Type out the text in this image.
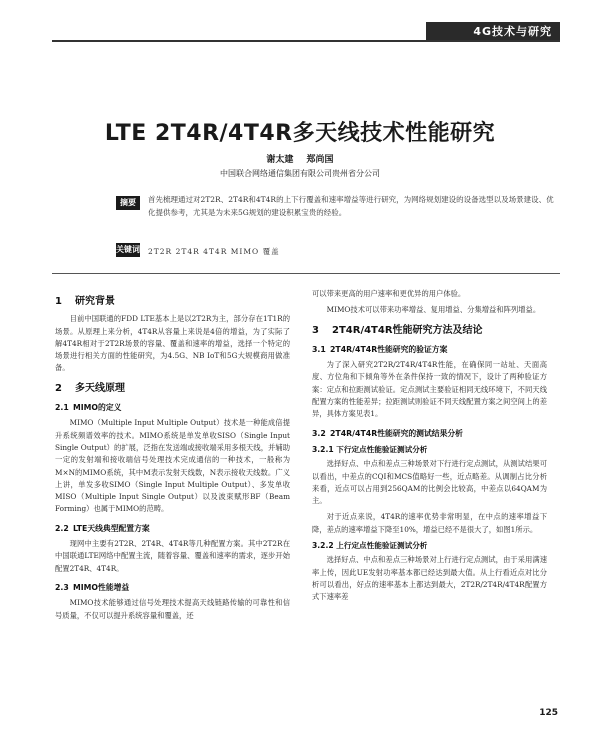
4G技术与研究
LTE 2T4R/4T4R多天线技术性能研究
谢太建 郑尚国
中国联合网络通信集团有限公司贵州省分公司
摘要	首先梳理通过对2T2R、2T4R和4T4R的上下行覆盖和速率增益等进行研究，为网络规划建设的设备选型以及场景建设、优化提供参考，尤其是为未来5G规划的建设积累宝贵的经验。
关键词 2T2R 2T4R 4T4R MIMO 覆盖
1 研究背景

目前中国联通的FDD LTE基本上是以2T2R为主，部分存在1T1R的场景。从原理上来分析，4T4R从容量上来说是4倍的增益，为了实际了解4T4R相对于2T2R场景的容量、覆盖和速率的增益，选择一个特定的场景进行相关方面的性能研究，为4.5G、NB IoT和5G大规模商用做准备。

2 多天线原理
2.1 MIMO的定义

MIMO（Multiple Input Multiple Output）技术是一种能成倍提升系统频谱效率的技术。MIMO系统是单发单收SISO（Single Input Single Output）的扩展，泛指在发送端或接收端采用多根天线，并辅助一定的发射端和接收端信号处理技术完成通信的一种技术，一般称为M×N的MIMO系统，其中M表示发射天线数，N表示接收天线数。广义上讲，单发多收SIMO（Single Input Multiple Output）、多发单收MISO（Multiple Input Single Output）以及波束赋形BF（Beam Forming）也属于MIMO的范畴。

2.2 LTE天线典型配置方案

现网中主要有2T2R、2T4R、4T4R等几种配置方案。其中2T2R在中国联通LTE网络中配置主流，随着容量、覆盖和速率的需求，逐步开始配置2T4R、4T4R。

2.3 MIMO性能增益

MIMO技术能够通过信号处理技术提高天线链路传输的可靠性和信号质量，不仅可以提升系统容量和覆盖，还

可以带来更高的用户速率和更优异的用户体验。

MIMO技术可以带来功率增益、复用增益、分集增益和阵列增益。

3 2T4R/4T4R性能研究方法及结论
3.1 2T4R/4T4R性能研究的验证方案

为了深入研究2T2R/2T4R/4T4R性能，在确保同一站址、天面高度、方位角和下倾角等外在条件保持一致的情况下，设计了两种验证方案：定点和拉距测试验证。定点测试主要验证相同无线环境下，不同天线配置方案的性能差异；拉距测试则验证不同天线配置方案之间空间上的差异，具体方案见表1。

3.2 2T4R/4T4R性能研究的测试结果分析
3.2.1 下行定点性能验证测试分析

选择好点、中点和差点三种场景对下行进行定点测试，从测试结果可以看出，中差点的CQI和MCS值略好一些，近点略差。从调制占比分析来看，近点可以占用到256QAM的比例会比较高，中差点以64QAM为主。

对于近点来说，4T4R的速率优势非常明显，在中点的速率增益下降，差点的速率增益下降至10%，增益已经不是很大了，如图1所示。

3.2.2 上行定点性能验证测试分析

选择好点、中点和差点三种场景对上行进行定点测试，由于采用满速率上传，因此UE发射功率基本都已经达到最大值。从上行看近点对比分析可以看出，好点的速率基本上都达到最大，2T2R/2T4R/4T4R配置方式下速率差

125
